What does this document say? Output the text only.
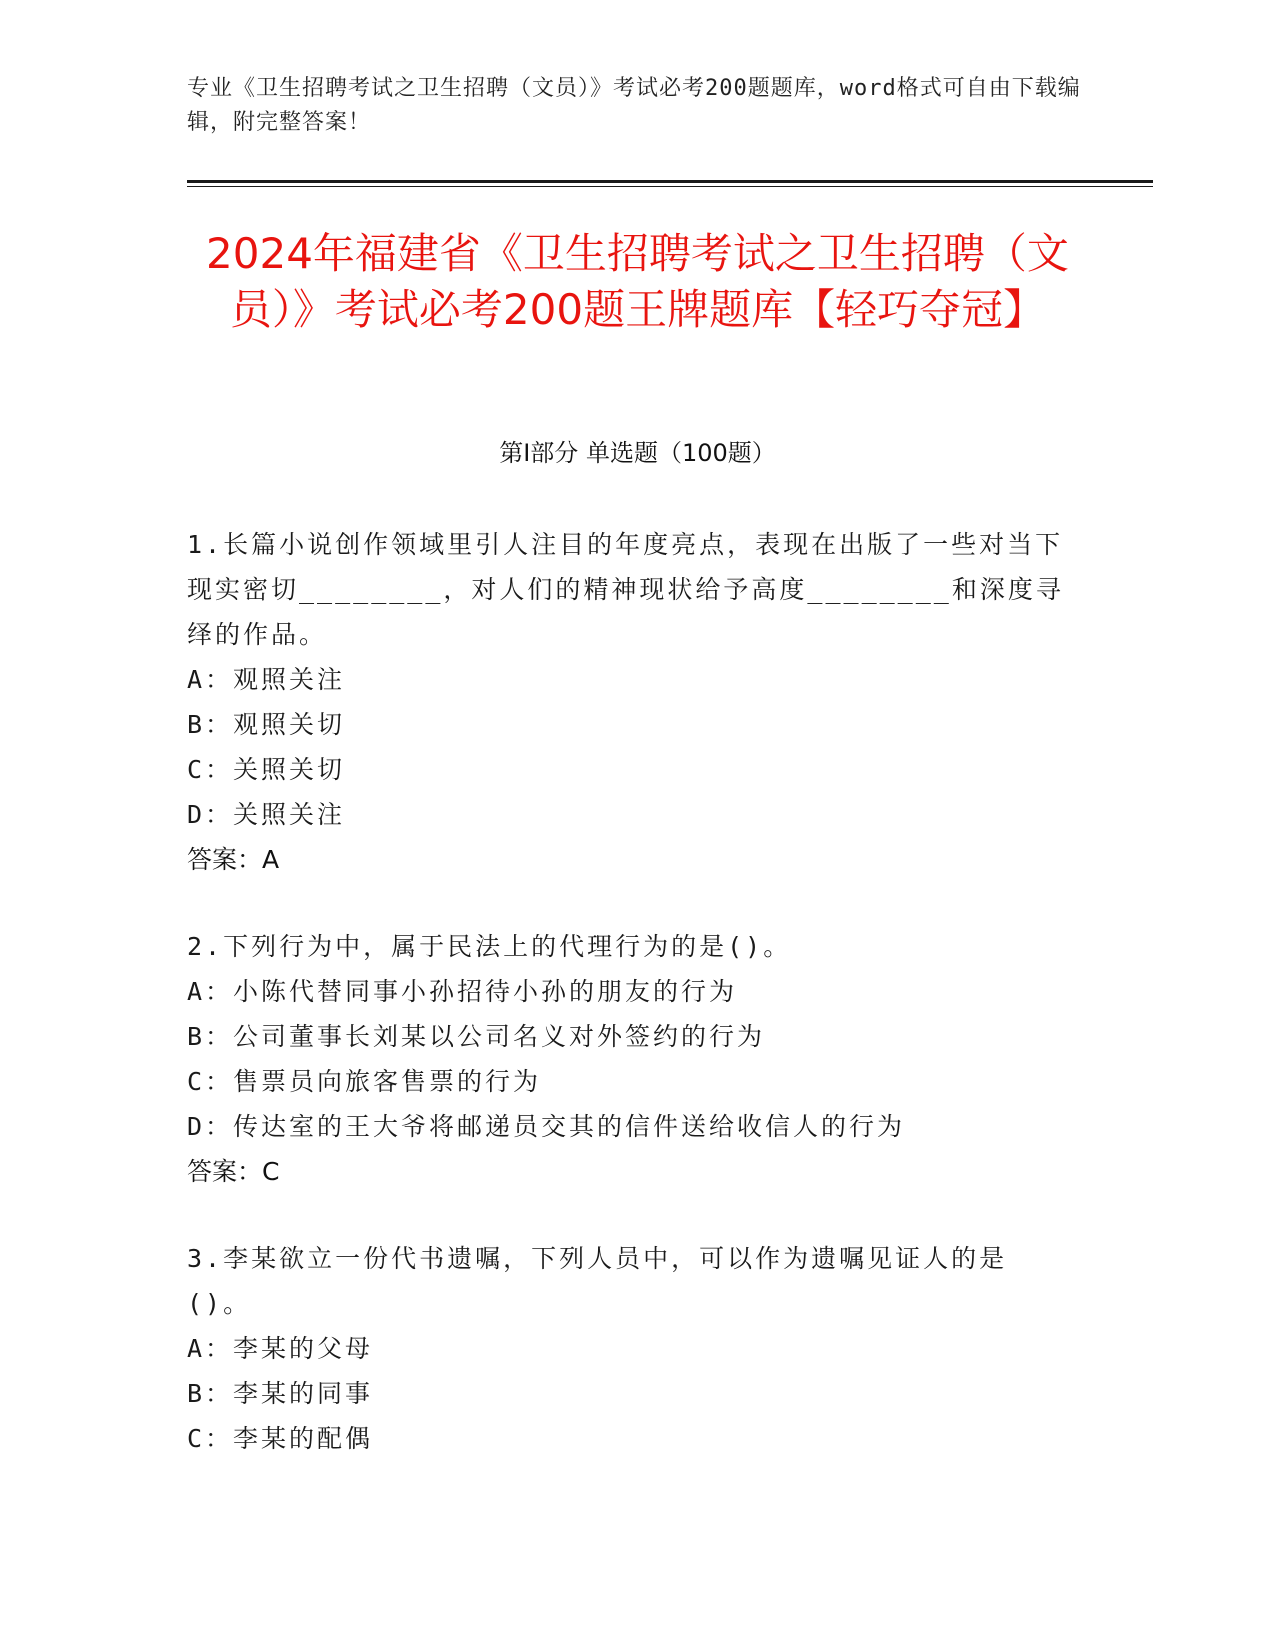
专业《卫生招聘考试之卫生招聘（文员）》考试必考200题题库，word格式可自由下载编辑，附完整答案！
2024年福建省《卫生招聘考试之卫生招聘（文员）》考试必考200题王牌题库【轻巧夺冠】
第I部分 单选题（100题）
1.长篇小说创作领域里引人注目的年度亮点，表现在出版了一些对当下现实密切________，对人们的精神现状给予高度________和深度寻绎的作品。
A：观照关注
B：观照关切
C：关照关切
D：关照关注
答案：A
2.下列行为中，属于民法上的代理行为的是()。
A：小陈代替同事小孙招待小孙的朋友的行为
B：公司董事长刘某以公司名义对外签约的行为
C：售票员向旅客售票的行为
D：传达室的王大爷将邮递员交其的信件送给收信人的行为
答案：C
3.李某欲立一份代书遗嘱，下列人员中，可以作为遗嘱见证人的是()。
A：李某的父母
B：李某的同事
C：李某的配偶
